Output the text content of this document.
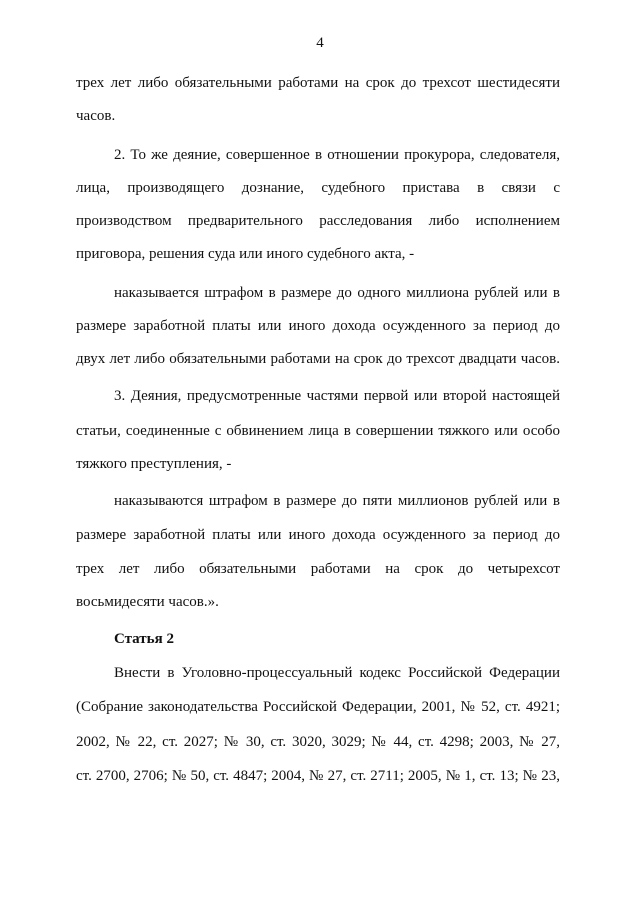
4
трех лет либо обязательными работами на срок до трехсот шестидесяти
часов.
2. То же деяние, совершенное в отношении прокурора, следователя,
лица, производящего дознание, судебного пристава в связи с
производством предварительного расследования либо исполнением
приговора, решения суда или иного судебного акта, -
наказывается штрафом в размере до одного миллиона рублей или в
размере заработной платы или иного дохода осужденного за период до
двух лет либо обязательными работами на срок до трехсот двадцати часов.
3. Деяния, предусмотренные частями первой или второй настоящей
статьи, соединенные с обвинением лица в совершении тяжкого или особо
тяжкого преступления, -
наказываются штрафом в размере до пяти миллионов рублей или в
размере заработной платы или иного дохода осужденного за период до
трех лет либо обязательными работами на срок до четырехсот
восьмидесяти часов.».
Статья 2
Внести в Уголовно-процессуальный кодекс Российской Федерации
(Собрание законодательства Российской Федерации, 2001, № 52, ст. 4921;
2002, № 22, ст. 2027; № 30, ст. 3020, 3029; № 44, ст. 4298; 2003, № 27,
ст. 2700, 2706; № 50, ст. 4847; 2004, № 27, ст. 2711; 2005, № 1, ст. 13; № 23,
